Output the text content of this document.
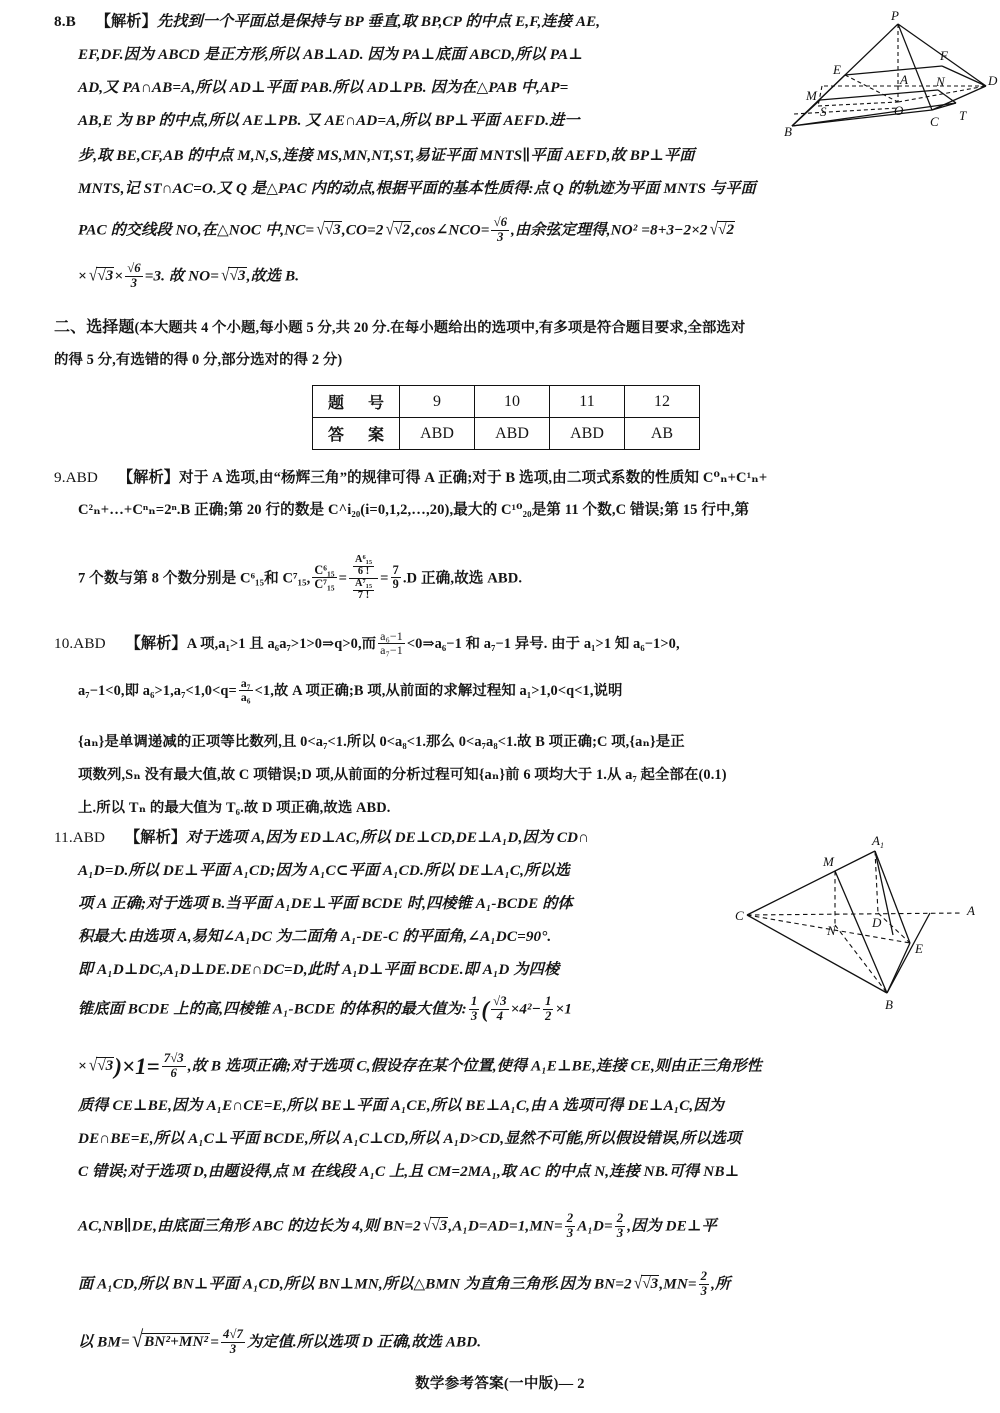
8.B 【解析】先找到一个平面总是保持与 BP 垂直,取 BP,CP 的中点 E,F,连接 AE,
EF,DF.因为 ABCD 是正方形,所以 AB⊥AD. 因为 PA⊥底面 ABCD,所以 PA⊥
AD,又 PA∩AB=A,所以 AD⊥平面 PAB.所以 AD⊥PB. 因为在△PAB 中,AP=
AB,E 为 BP 的中点,所以 AE⊥PB. 又 AE∩AD=A,所以 BP⊥平面 AEFD.进一
步,取 BE,CF,AB 的中点 M,N,S,连接 MS,MN,NT,ST,易证平面 MNTS∥平面 AEFD,故 BP⊥平面
MNTS,记 ST∩AC=O.又 Q 是△PAC 内的动点,根据平面的基本性质得:点 Q 的轨迹为平面 MNTS 与平面
PAC 的交线段 NO,在△NOC 中,NC= √√3,CO=2 √√2,cos∠NCO= $\frac{√6}{3}$ ,由余弦定理得,NO² =8+3−2×2 √√2
× $√√3\times \frac{√6}{3} =3$. 故 NO= √√3,故选 B.
P
E
F
A N	D
M
S	O
B
C T
二、选择题(本大题共 4 个小题,每小题 5 分,共 20 分.在每小题给出的选项中,有多项是符合题目要求,全部选对
的得 5 分,有选错的得 0 分,部分选对的得 2 分)
题 号	9	10	11	12
答 案	ABD	ABD	ABD	AB
9.ABD 【解析】对于 A 选项,由“杨辉三角”的规律可得 A 正确;对于 B 选项,由二项式系数的性质知 C⁰ₙ+C¹ₙ+
C²ₙ+…+Cⁿₙ=2ⁿ.B 正确;第 20 行的数是 C^i₂₀(i=0,1,2,…,20),最大的 C¹⁰₂₀是第 11 个数,C 错误;第 15 行中,第
7 个数与第 8 个数分别是 C⁶₁₅和 C⁷₁₅, $\frac{\text{C⁶₁₅}}{\text{C⁷₁₅}} = \frac{\frac{\text{A⁶₁₅}}{6 !}}{\frac{\text{A⁷₁₅}}{7 !}} = \frac{7}{9} .D$ 正确,故选 ABD.
10.ABD 【解析】A 项,a₁>1 且 a₆a₇>1>0⇒q>0,而 $\frac{\text{a₆−1}}{\text{a₇−1}}$ <0⇒a₆−1 和 a₇−1 异号. 由于 a₁>1 知 a₆−1>0,
a₇−1<0,即 $a_6>1,a_7<1,0<q= \frac{\text{a₇}}{\text{a₆}} <1$,故 A 项正确;B 项,从前面的求解过程知 a₁>1,0<q<1,说明
{aₙ}是单调递减的正项等比数列,且 0<a₇<1.所以 0<a₈<1.那么 0<a₇a₈<1.故 B 项正确;C 项,{aₙ}是正
项数列,Sₙ 没有最大值,故 C 项错误;D 项,从前面的分析过程可知{aₙ}前 6 项均大于 1.从 a₇ 起全部在(0.1)
上.所以 Tₙ 的最大值为 T₆.故 D 项正确,故选 ABD.
11.ABD 【解析】对于选项 A,因为 ED⊥AC,所以 DE⊥CD,DE⊥A₁D,因为 CD∩
A₁D=D.所以 DE⊥平面 A₁CD;因为 A₁C⊂平面 A₁CD.所以 DE⊥A₁C,所以选
项 A 正确;对于选项 B.当平面 A₁DE⊥平面 BCDE 时,四棱锥 A₁‑BCDE 的体
积最大.由选项 A,易知∠A₁DC 为二面角 A₁‑DE‑C 的平面角,∠A₁DC=90°.
即 A₁D⊥DC,A₁D⊥DE.DE∩DC=D,此时 A₁D⊥平面 BCDE.即 A₁D 为四棱
锥底面 BCDE 上的高,四棱锥 A₁‑BCDE 的体积的最大值为: $\frac{1}{3}$ ( $\frac{√3}{4} \times 4^2- \frac{1}{2} \times 1$
× $√√3)\times 1= \frac{7√3}{6}$ ,故 B 选项正确;对于选项 C,假设存在某个位置,使得 A₁E⊥BE,连接 CE,则由正三角形性
质得 CE⊥BE,因为 A₁E∩CE=E,所以 BE⊥平面 A₁CE,所以 BE⊥A₁C,由 A 选项可得 DE⊥A₁C,因为
DE∩BE=E,所以 A₁C⊥平面 BCDE,所以 A₁C⊥CD,所以 A₁D>CD,显然不可能,所以假设错误,所以选项
C 错误;对于选项 D,由题设得,点 M 在线段 A₁C 上,且 CM=2MA₁,取 AC 的中点 N,连接 NB.可得 NB⊥
AC,NB∥DE,由底面三角形 ABC 的边长为 4,则 BN=2 $√√3,A_1D=AD=1,MN= \frac{2}{3} A_1D= \frac{2}{3}$ ,因为 DE⊥平
面 A₁CD,所以 BN⊥平面 A₁CD,所以 BN⊥MN,所以△BMN 为直角三角形.因为 BN=2 $√√3,MN= \frac{2}{3}$ ,所
以 $BM=√BN^2+MN^2 = \frac{4√7}{3}$ 为定值.所以选项 D 正确,故选 ABD.
$A_1$
M
C
N
D
A
E
B
数学参考答案(一中版)— 2
